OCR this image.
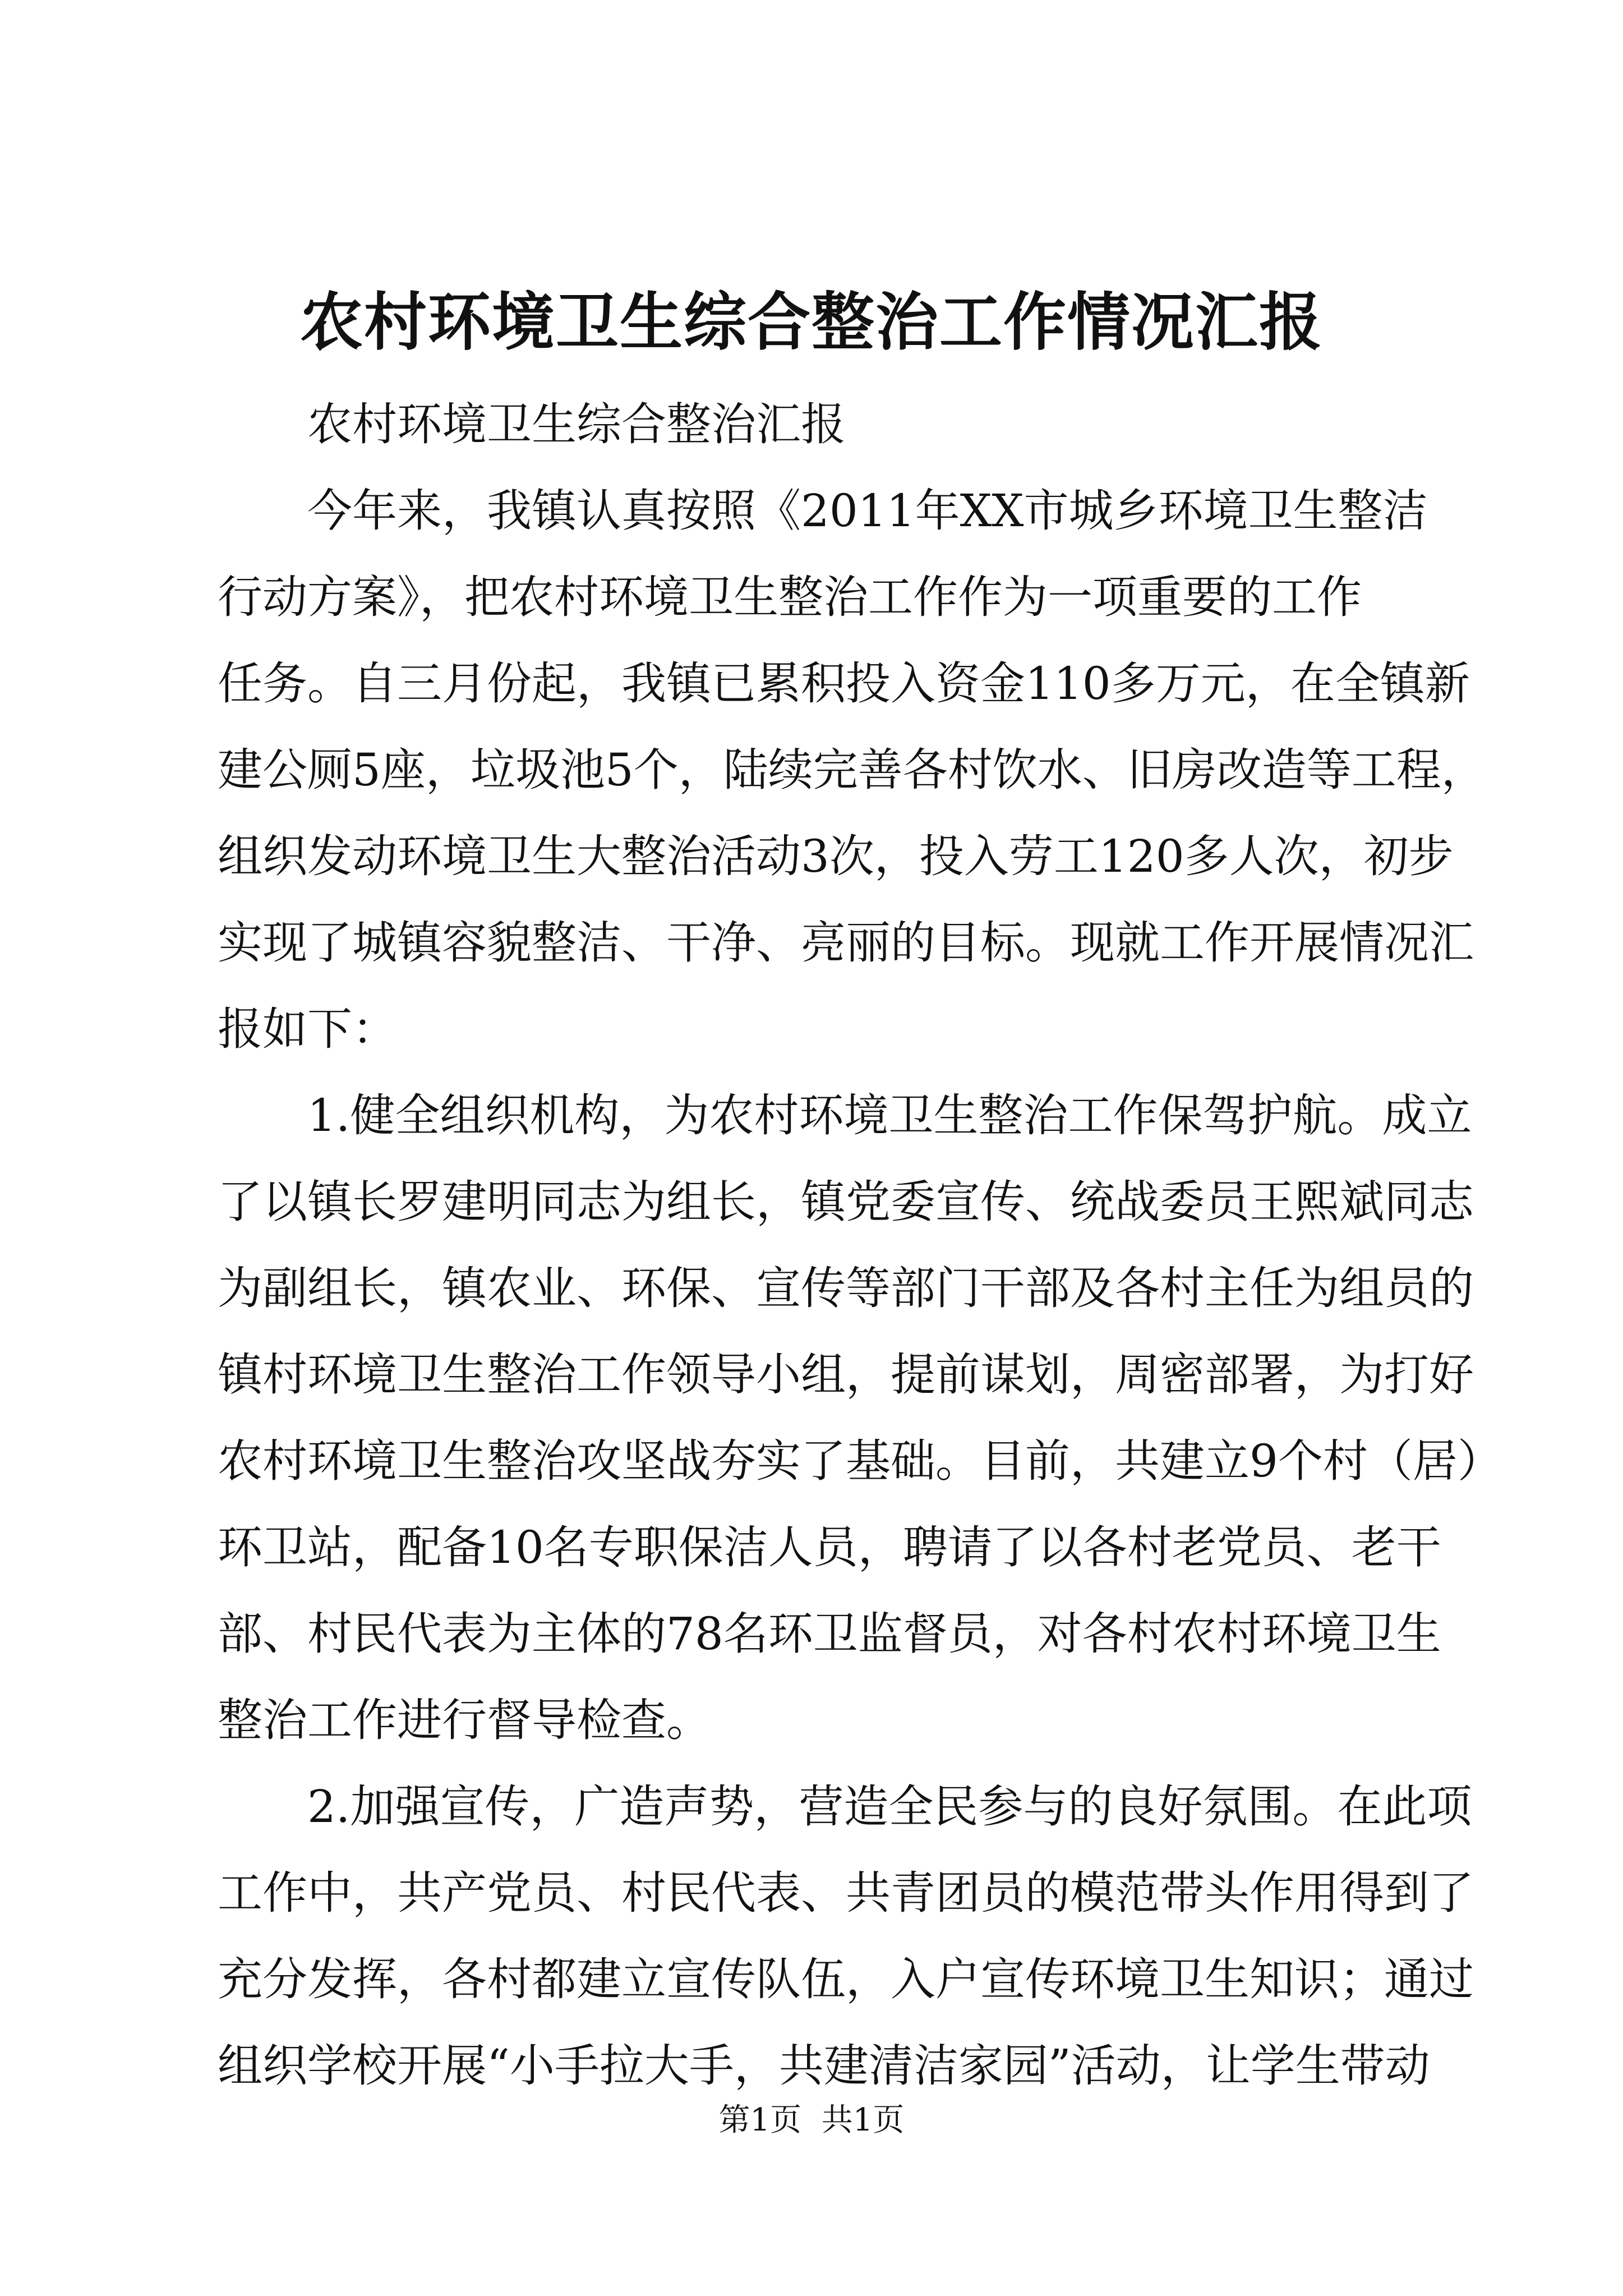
农村环境卫生综合整治工作情况汇报

农村环境卫生综合整治汇报

今年来，我镇认真按照《2011年XX市城乡环境卫生整洁
行动方案》，把农村环境卫生整治工作作为一项重要的工作
任务。自三月份起，我镇已累积投入资金110多万元，在全镇新
建公厕5座，垃圾池5个，陆续完善各村饮水、旧房改造等工程，
组织发动环境卫生大整治活动3次，投入劳工120多人次，初步
实现了城镇容貌整洁、干净、亮丽的目标。现就工作开展情况汇
报如下：

1.健全组织机构，为农村环境卫生整治工作保驾护航。成立
了以镇长罗建明同志为组长，镇党委宣传、统战委员王熙斌同志
为副组长，镇农业、环保、宣传等部门干部及各村主任为组员的
镇村环境卫生整治工作领导小组，提前谋划，周密部署，为打好
农村环境卫生整治攻坚战夯实了基础。目前，共建立9个村（居）
环卫站，配备10名专职保洁人员，聘请了以各村老党员、老干
部、村民代表为主体的78名环卫监督员，对各村农村环境卫生
整治工作进行督导检查。

2.加强宣传，广造声势，营造全民参与的良好氛围。在此项
工作中，共产党员、村民代表、共青团员的模范带头作用得到了
充分发挥，各村都建立宣传队伍，入户宣传环境卫生知识；通过
组织学校开展“小手拉大手，共建清洁家园”活动，让学生带动

第1页 共1页
